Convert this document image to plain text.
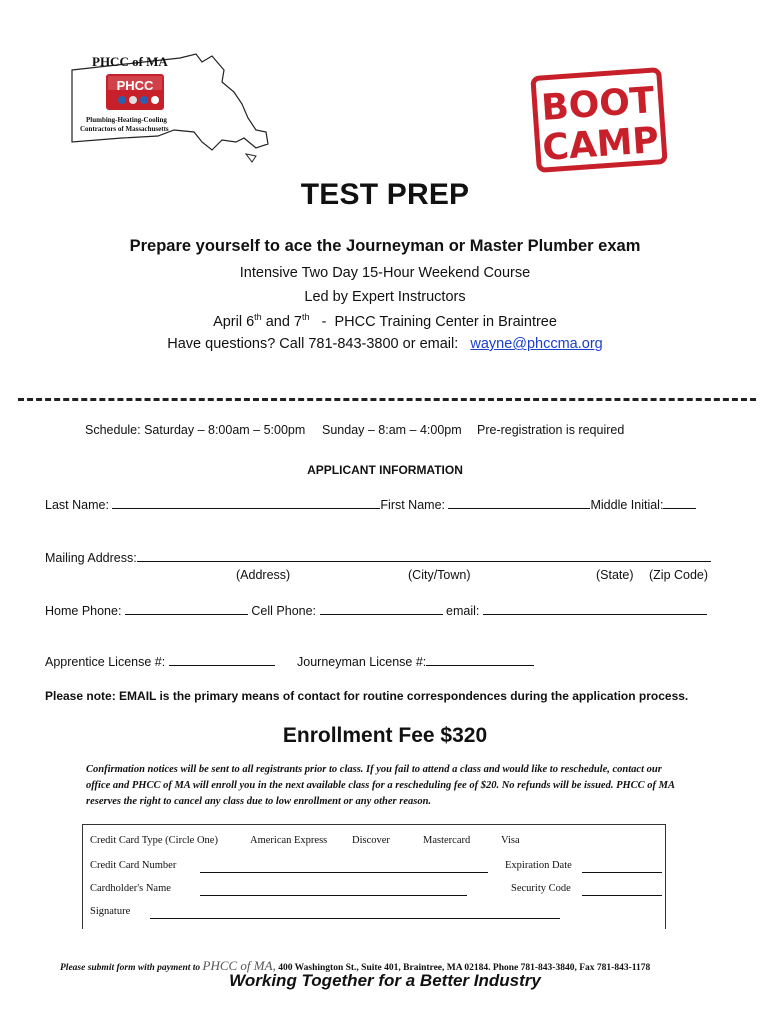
PHCC of MA
PHCC
Plumbing-Heating-Cooling
Contractors of Massachusetts
BOOT
CAMP
TEST PREP
Prepare yourself to ace the Journeyman or Master Plumber exam
Intensive Two Day 15-Hour Weekend Course
Led by Expert Instructors
April 6th and 7th   -  PHCC Training Center in Braintree
Have questions? Call 781-843-3800 or email: wayne@phccma.org
Schedule: Saturday – 8:00am – 5:00pm Sunday – 8:am – 4:00pm Pre-registration is required
APPLICANT INFORMATION
Last Name:	First Name:	Middle Initial:
Mailing Address:
(Address)	(City/Town)	(State) (Zip Code)
Home Phone:	Cell Phone:	email:
Apprentice License #:	Journeyman License #:
Please note: EMAIL is the primary means of contact for routine correspondences during the application process.
Enrollment Fee $320
Confirmation notices will be sent to all registrants prior to class. If you fail to attend a class and would like to reschedule, contact our office and PHCC of MA will enroll you in the next available class for a rescheduling fee of $20. No refunds will be issued. PHCC of MA reserves the right to cancel any class due to low enrollment or any other reason.
Credit Card Type (Circle One)	American Express Discover	Mastercard	Visa
Credit Card Number	Expiration Date
Cardholder's Name	Security Code
Signature
Please submit form with payment to PHCC of MA, 400 Washington St., Suite 401, Braintree, MA 02184. Phone 781-843-3840, Fax 781-843-1178
Working Together for a Better Industry
